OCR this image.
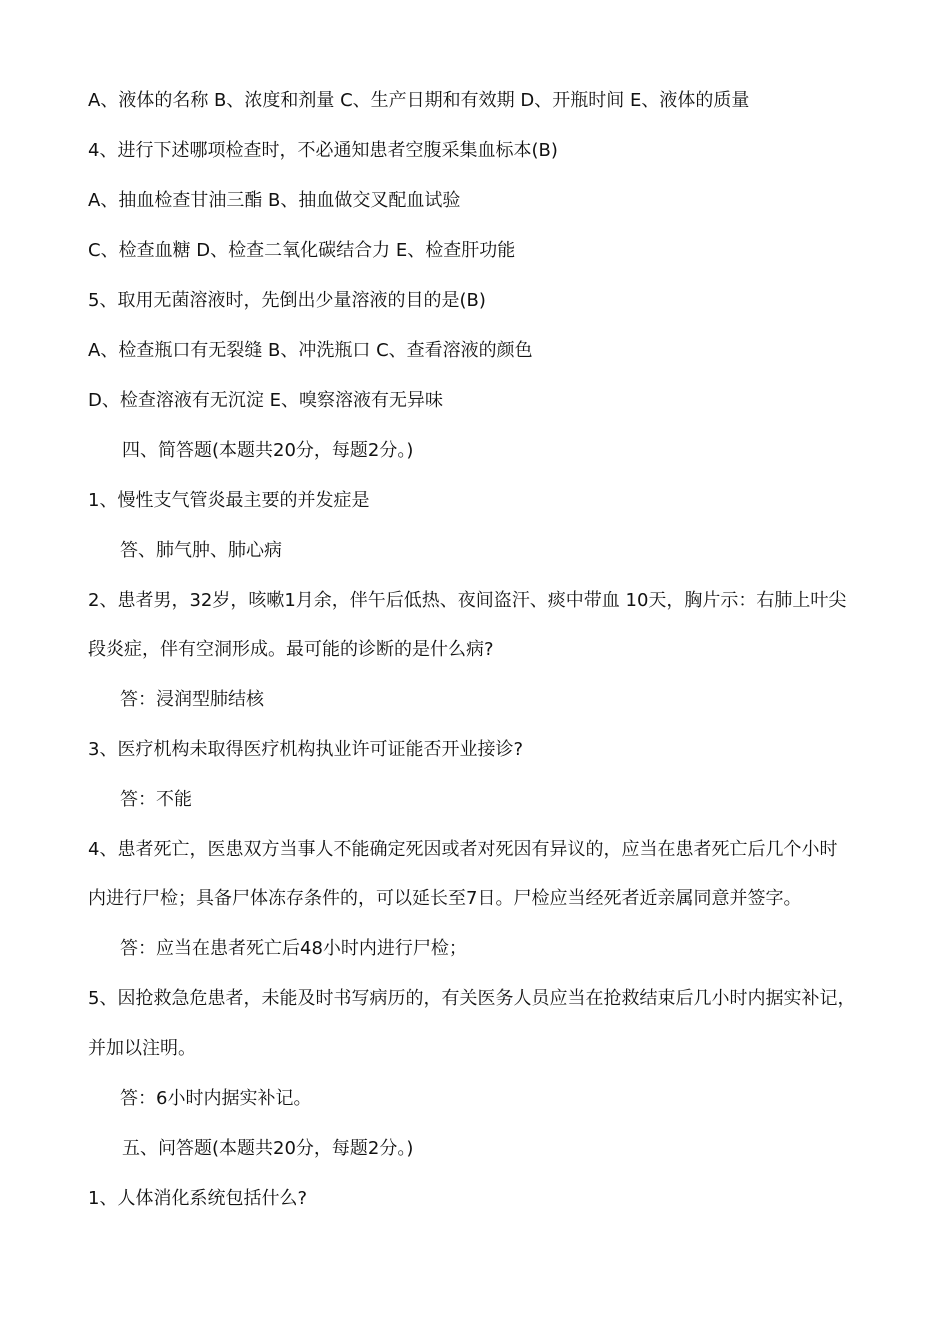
A、液体的名称 B、浓度和剂量 C、生产日期和有效期 D、开瓶时间 E、液体的质量
4、进行下述哪项检查时，不必通知患者空腹采集血标本(B)
A、抽血检查甘油三酯 B、抽血做交叉配血试验
C、检查血糖 D、检查二氧化碳结合力 E、检查肝功能
5、取用无菌溶液时，先倒出少量溶液的目的是(B)
A、检查瓶口有无裂缝 B、冲洗瓶口 C、查看溶液的颜色
D、检查溶液有无沉淀 E、嗅察溶液有无异味
四、简答题(本题共20分，每题2分。)
1、慢性支气管炎最主要的并发症是
答、肺气肿、肺心病
2、患者男，32岁，咳嗽1月余，伴午后低热、夜间盗汗、痰中带血 10天，胸片示：右肺上叶尖
段炎症，伴有空洞形成。最可能的诊断的是什么病?
答：浸润型肺结核
3、医疗机构未取得医疗机构执业许可证能否开业接诊?
答：不能
4、患者死亡，医患双方当事人不能确定死因或者对死因有异议的，应当在患者死亡后几个小时
内进行尸检；具备尸体冻存条件的，可以延长至7日。尸检应当经死者近亲属同意并签字。
答：应当在患者死亡后48小时内进行尸检；
5、因抢救急危患者，未能及时书写病历的，有关医务人员应当在抢救结束后几小时内据实补记，
并加以注明。
答：6小时内据实补记。
五、问答题(本题共20分，每题2分。)
1、人体消化系统包括什么?
